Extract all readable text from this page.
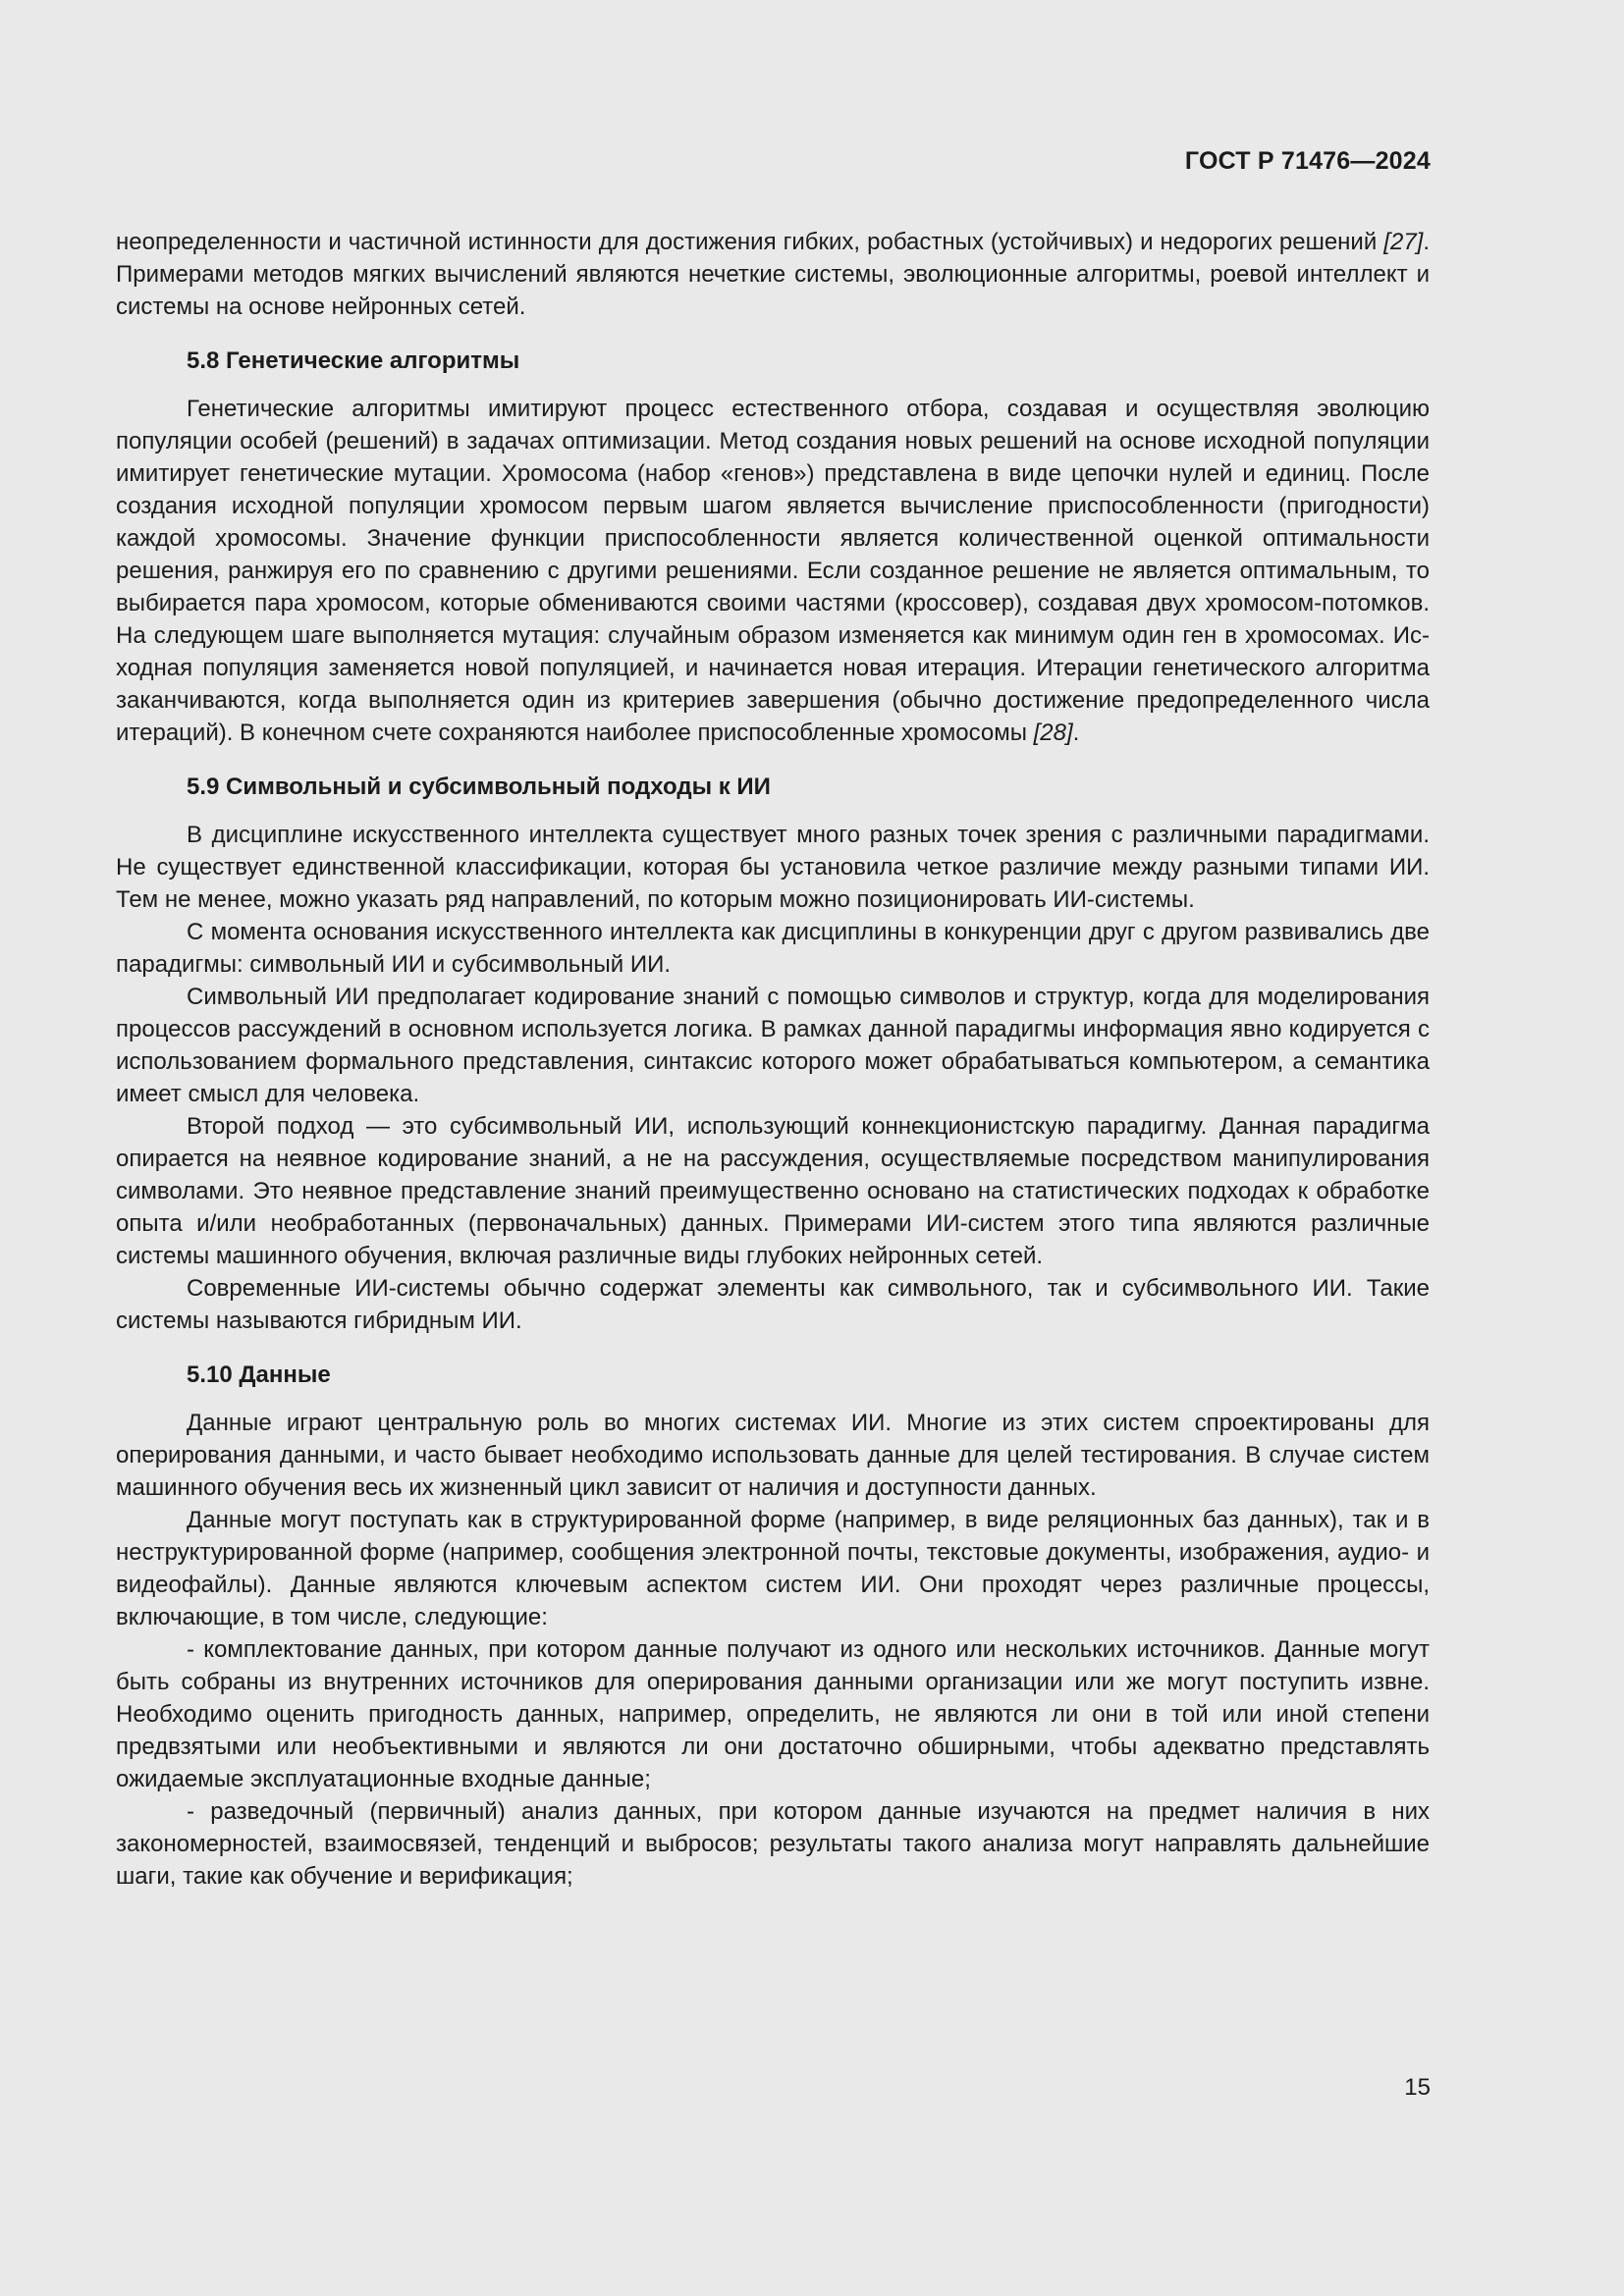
ГОСТ Р 71476—2024

неопределенности и частичной истинности для достижения гибких, робастных (устойчивых) и недорогих решений [27]. Примерами методов мягких вычислений являются нечеткие системы, эволюционные алгоритмы, роевой интеллект и системы на основе нейронных сетей.

5.8 Генетические алгоритмы

Генетические алгоритмы имитируют процесс естественного отбора, создавая и осуществляя эволюцию популяции особей (решений) в задачах оптимизации. Метод создания новых решений на основе исходной популяции имитирует генетические мутации. Хромосома (набор «генов») представлена в виде цепочки нулей и единиц. После создания исходной популяции хромосом первым шагом является вычисление приспособленности (пригодности) каждой хромосомы. Значение функции приспособленности является количественной оценкой оптимальности решения, ранжируя его по сравнению с другими решениями. Если созданное решение не является оптимальным, то выбирается пара хромосом, которые обмениваются своими частями (кроссовер), создавая двух хромосом-потомков. На следующем шаге выполняется мутация: случайным образом изменяется как минимум один ген в хромосомах. Исходная популяция заменяется новой популяцией, и начинается новая итерация. Итерации генетического алгоритма заканчиваются, когда выполняется один из критериев завершения (обычно достижение предопределенного числа итераций). В конечном счете сохраняются наиболее приспособленные хромосомы [28].

5.9 Символьный и субсимвольный подходы к ИИ

В дисциплине искусственного интеллекта существует много разных точек зрения с различными парадигмами. Не существует единственной классификации, которая бы установила четкое различие между разными типами ИИ. Тем не менее, можно указать ряд направлений, по которым можно позиционировать ИИ-системы.

С момента основания искусственного интеллекта как дисциплины в конкуренции друг с другом развивались две парадигмы: символьный ИИ и субсимвольный ИИ.

Символьный ИИ предполагает кодирование знаний с помощью символов и структур, когда для моделирования процессов рассуждений в основном используется логика. В рамках данной парадигмы информация явно кодируется с использованием формального представления, синтаксис которого может обрабатываться компьютером, а семантика имеет смысл для человека.

Второй подход — это субсимвольный ИИ, использующий коннекционистскую парадигму. Данная парадигма опирается на неявное кодирование знаний, а не на рассуждения, осуществляемые посредством манипулирования символами. Это неявное представление знаний преимущественно основано на статистических подходах к обработке опыта и/или необработанных (первоначальных) данных. Примерами ИИ-систем этого типа являются различные системы машинного обучения, включая различные виды глубоких нейронных сетей.

Современные ИИ-системы обычно содержат элементы как символьного, так и субсимвольного ИИ. Такие системы называются гибридным ИИ.

5.10 Данные

Данные играют центральную роль во многих системах ИИ. Многие из этих систем спроектированы для оперирования данными, и часто бывает необходимо использовать данные для целей тестирования. В случае систем машинного обучения весь их жизненный цикл зависит от наличия и доступности данных.

Данные могут поступать как в структурированной форме (например, в виде реляционных баз данных), так и в неструктурированной форме (например, сообщения электронной почты, текстовые документы, изображения, аудио- и видеофайлы). Данные являются ключевым аспектом систем ИИ. Они проходят через различные процессы, включающие, в том числе, следующие:

- комплектование данных, при котором данные получают из одного или нескольких источников. Данные могут быть собраны из внутренних источников для оперирования данными организации или же могут поступить извне. Необходимо оценить пригодность данных, например, определить, не являются ли они в той или иной степени предвзятыми или необъективными и являются ли они достаточно обширными, чтобы адекватно представлять ожидаемые эксплуатационные входные данные;

- разведочный (первичный) анализ данных, при котором данные изучаются на предмет наличия в них закономерностей, взаимосвязей, тенденций и выбросов; результаты такого анализа могут направлять дальнейшие шаги, такие как обучение и верификация;

15
